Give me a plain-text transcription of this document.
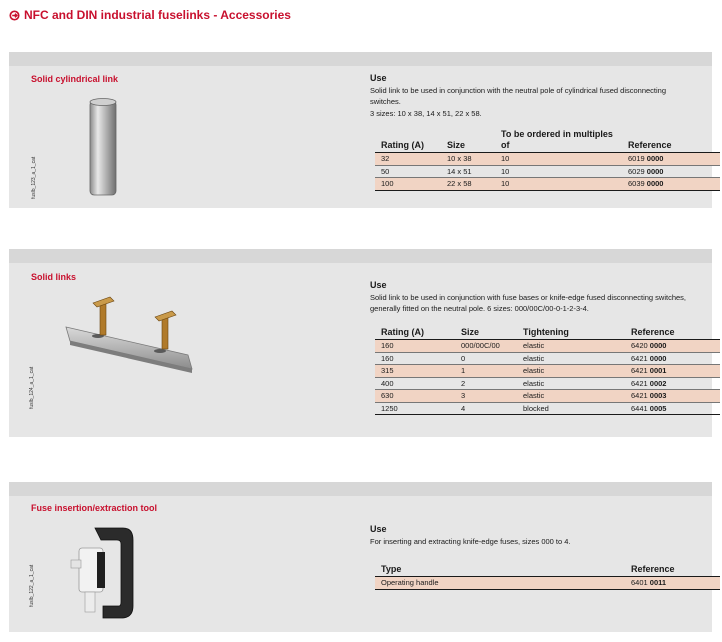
NFC and DIN industrial fuselinks - Accessories
Solid cylindrical link
fuslb_123_a_1_cat
Use
Solid link to be used in conjunction with the neutral pole of cylindrical fused disconnecting switches.
3 sizes: 10 x 38, 14 x 51, 22 x 58.
Rating (A)	Size	To be ordered in multiples of	Reference
32	10 x 38	10	6019 0000
50	14 x 51	10	6029 0000
100	22 x 58	10	6039 0000
Solid links
fuslb_124_a_1_cat
Use
Solid link to be used in conjunction with fuse bases or knife-edge fused disconnecting switches, generally fitted on the neutral pole. 6 sizes: 000/00C/00-0-1-2-3-4.
Rating (A)	Size	Tightening	Reference
160	000/00C/00	elastic	6420 0000
160	0	elastic	6421 0000
315	1	elastic	6421 0001
400	2	elastic	6421 0002
630	3	elastic	6421 0003
1250	4	blocked	6441 0005
Fuse insertion/extraction tool
fuslb_122_a_1_cat
Use
For inserting and extracting knife-edge fuses, sizes 000 to 4.
Type	Reference
Operating handle	6401 0011
